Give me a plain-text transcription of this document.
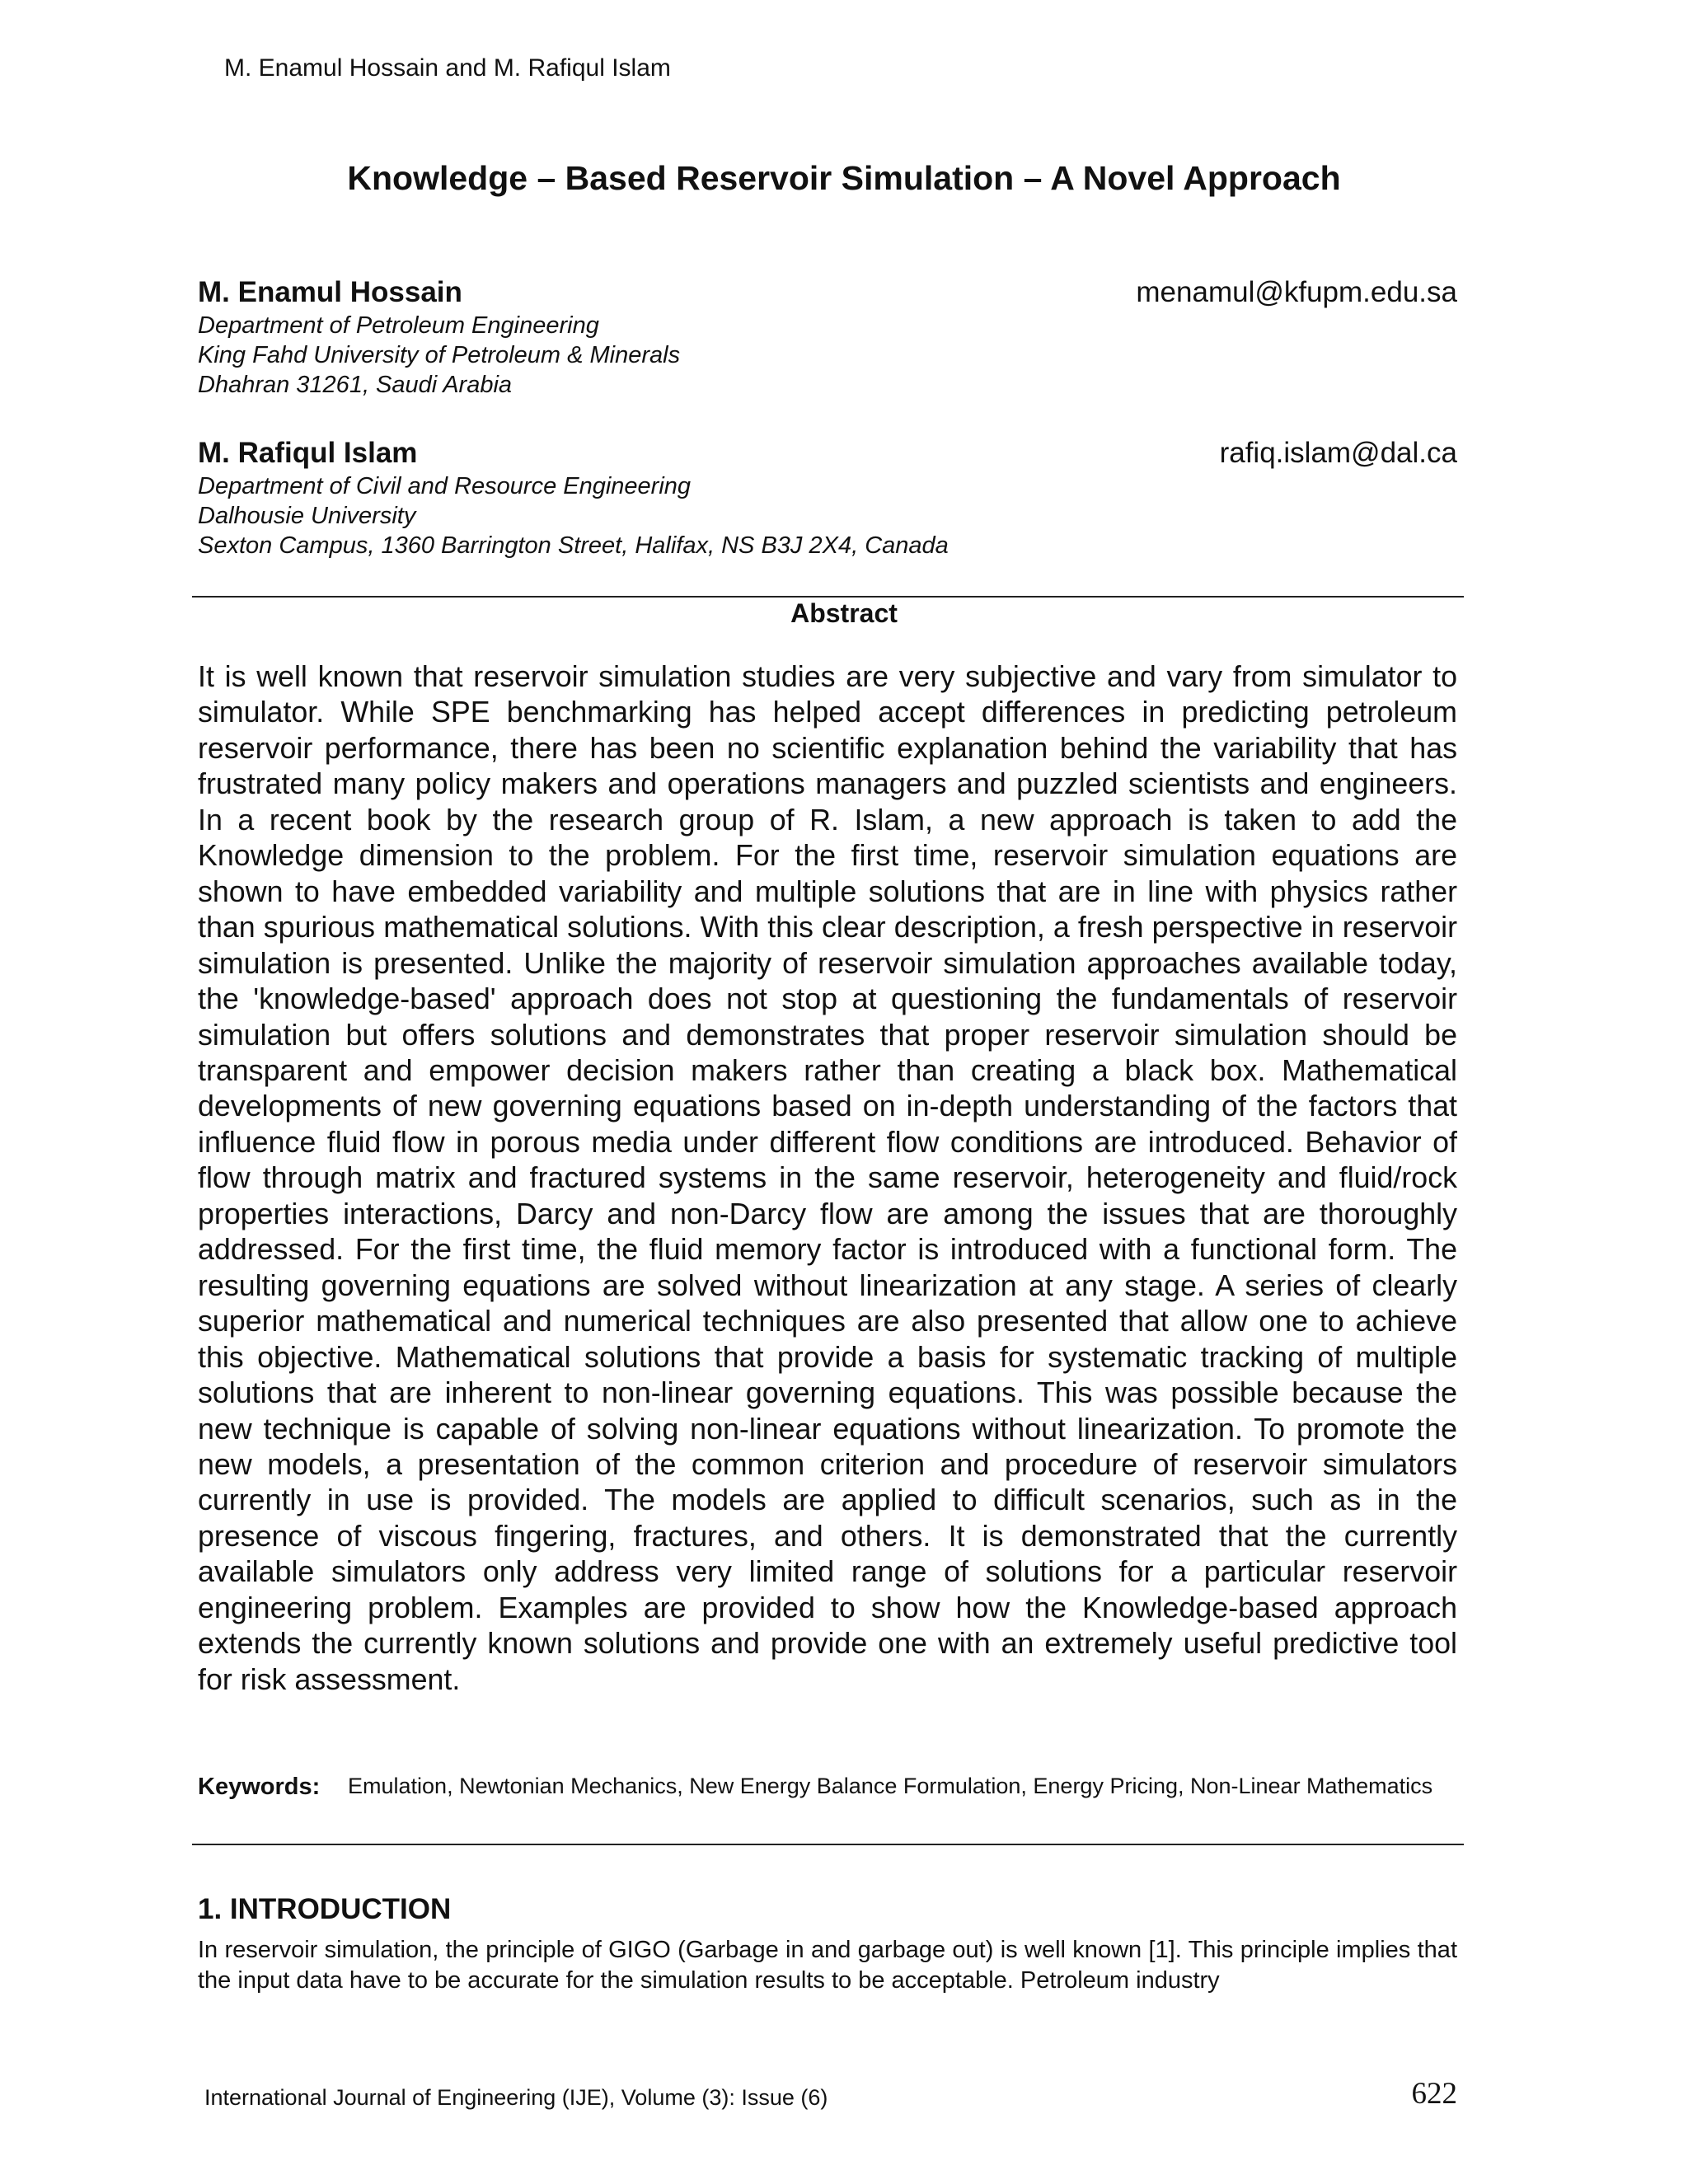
M. Enamul Hossain and M. Rafiqul Islam
Knowledge – Based Reservoir Simulation – A Novel Approach
M. Enamul Hossain	menamul@kfupm.edu.sa
Department of Petroleum Engineering
King Fahd University of Petroleum & Minerals
Dhahran 31261, Saudi Arabia
M. Rafiqul Islam	rafiq.islam@dal.ca
Department of Civil and Resource Engineering
Dalhousie University
Sexton Campus, 1360 Barrington Street, Halifax, NS B3J 2X4, Canada
Abstract

It is well known that reservoir simulation studies are very subjective and vary from simulator to simulator. While SPE benchmarking has helped accept differences in predicting petroleum reservoir performance, there has been no scientific explanation behind the variability that has frustrated many policy makers and operations managers and puzzled scientists and engineers. In a recent book by the research group of R. Islam, a new approach is taken to add the Knowledge dimension to the problem. For the first time, reservoir simulation equations are shown to have embedded variability and multiple solutions that are in line with physics rather than spurious mathematical solutions. With this clear description, a fresh perspective in reservoir simulation is presented. Unlike the majority of reservoir simulation approaches available today, the 'knowledge-based' approach does not stop at questioning the fundamentals of reservoir simulation but offers solutions and demonstrates that proper reservoir simulation should be transparent and empower decision makers rather than creating a black box. Mathematical developments of new governing equations based on in-depth understanding of the factors that influence fluid flow in porous media under different flow conditions are introduced. Behavior of flow through matrix and fractured systems in the same reservoir, heterogeneity and fluid/rock properties interactions, Darcy and non-Darcy flow are among the issues that are thoroughly addressed. For the first time, the fluid memory factor is introduced with a functional form. The resulting governing equations are solved without linearization at any stage. A series of clearly superior mathematical and numerical techniques are also presented that allow one to achieve this objective. Mathematical solutions that provide a basis for systematic tracking of multiple solutions that are inherent to non-linear governing equations. This was possible because the new technique is capable of solving non-linear equations without linearization. To promote the new models, a presentation of the common criterion and procedure of reservoir simulators currently in use is provided. The models are applied to difficult scenarios, such as in the presence of viscous fingering, fractures, and others. It is demonstrated that the currently available simulators only address very limited range of solutions for a particular reservoir engineering problem. Examples are provided to show how the Knowledge-based approach extends the currently known solutions and provide one with an extremely useful predictive tool for risk assessment.

Keywords: Emulation, Newtonian Mechanics, New Energy Balance Formulation, Energy Pricing, Non-Linear Mathematics
1. INTRODUCTION

In reservoir simulation, the principle of GIGO (Garbage in and garbage out) is well known [1]. This principle implies that the input data have to be accurate for the simulation results to be acceptable. Petroleum industry

International Journal of Engineering (IJE), Volume (3): Issue (6)	622
